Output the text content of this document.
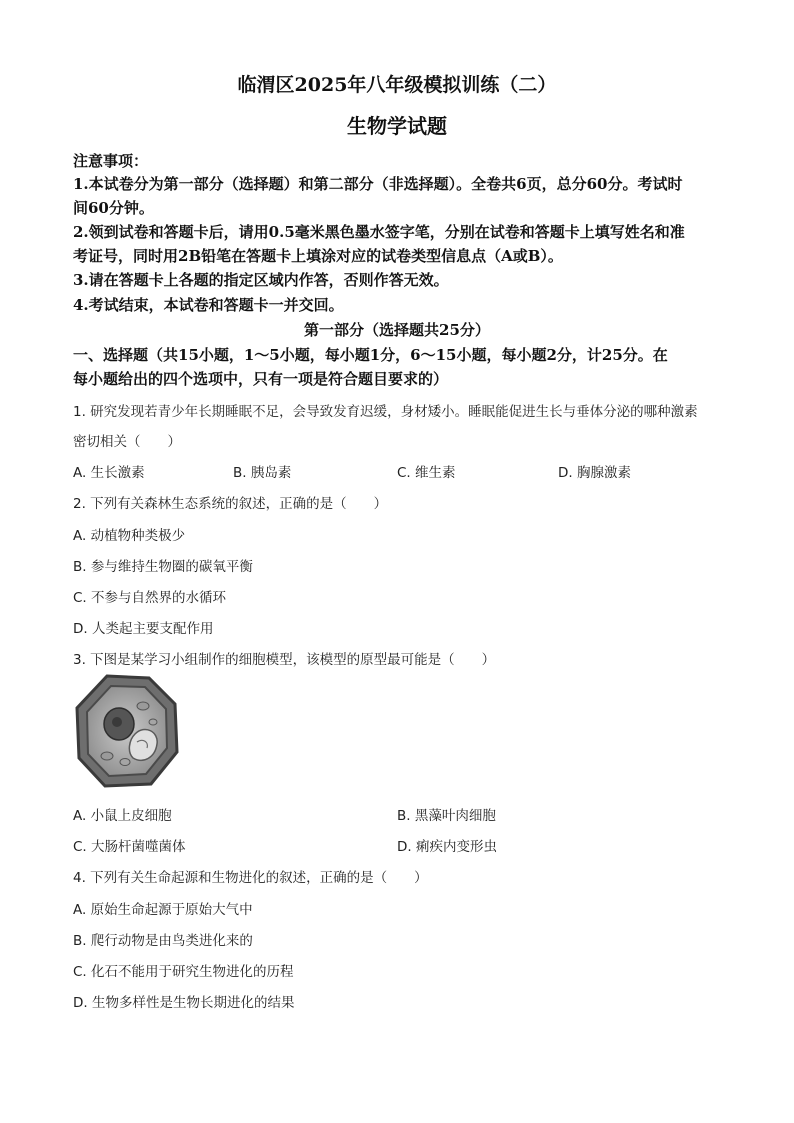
临渭区2025年八年级模拟训练（二）
生物学试题
注意事项：
1.本试卷分为第一部分（选择题）和第二部分（非选择题）。全卷共6页，总分60分。考试时
间60分钟。
2.领到试卷和答题卡后，请用0.5毫米黑色墨水签字笔，分别在试卷和答题卡上填写姓名和准
考证号，同时用2B铅笔在答题卡上填涂对应的试卷类型信息点（A或B）。
3.请在答题卡上各题的指定区域内作答，否则作答无效。
4.考试结束，本试卷和答题卡一并交回。
第一部分（选择题共25分）
一、选择题（共15小题，1～5小题，每小题1分，6～15小题，每小题2分，计25分。在
每小题给出的四个选项中，只有一项是符合题目要求的）
1. 研究发现若青少年长期睡眠不足，会导致发育迟缓，身材矮小。睡眠能促进生长与垂体分泌的哪种激素
密切相关（　　）
A. 生长激素	B. 胰岛素	C. 维生素	D. 胸腺激素
2. 下列有关森林生态系统的叙述，正确的是（　　）
A. 动植物种类极少
B. 参与维持生物圈的碳氧平衡
C. 不参与自然界的水循环
D. 人类起主要支配作用
3. 下图是某学习小组制作的细胞模型，该模型的原型最可能是（　　）
A. 小鼠上皮细胞	B. 黑藻叶肉细胞
C. 大肠杆菌噬菌体	D. 痢疾内变形虫
4. 下列有关生命起源和生物进化的叙述，正确的是（　　）
A. 原始生命起源于原始大气中
B. 爬行动物是由鸟类进化来的
C. 化石不能用于研究生物进化的历程
D. 生物多样性是生物长期进化的结果
